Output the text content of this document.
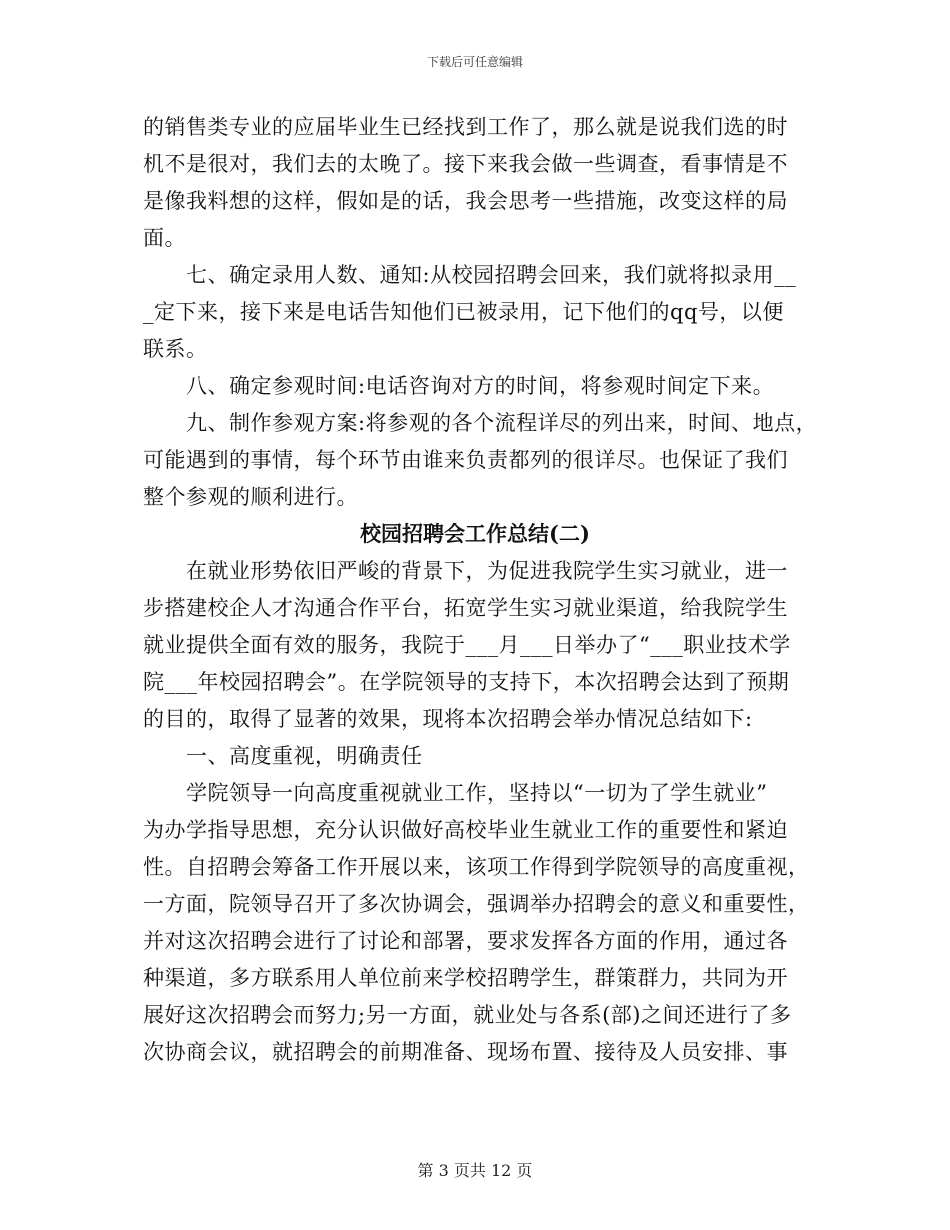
下载后可任意编辑
的销售类专业的应届毕业生已经找到工作了，那么就是说我们选的时
机不是很对，我们去的太晚了。接下来我会做一些调查，看事情是不
是像我料想的这样，假如是的话，我会思考一些措施，改变这样的局
面。
　　七、确定录用人数、通知:从校园招聘会回来，我们就将拟录用__
_定下来，接下来是电话告知他们已被录用，记下他们的qq号，以便
联系。
　　八、确定参观时间:电话咨询对方的时间，将参观时间定下来。
　　九、制作参观方案:将参观的各个流程详尽的列出来，时间、地点，
可能遇到的事情，每个环节由谁来负责都列的很详尽。也保证了我们
整个参观的顺利进行。
校园招聘会工作总结(二)
　　在就业形势依旧严峻的背景下，为促进我院学生实习就业，进一
步搭建校企人才沟通合作平台，拓宽学生实习就业渠道，给我院学生
就业提供全面有效的服务，我院于___月___日举办了“___职业技术学
院___年校园招聘会”。在学院领导的支持下，本次招聘会达到了预期
的目的，取得了显著的效果，现将本次招聘会举办情况总结如下:
　　一、高度重视，明确责任
　　学院领导一向高度重视就业工作，坚持以“一切为了学生就业”
为办学指导思想，充分认识做好高校毕业生就业工作的重要性和紧迫
性。自招聘会筹备工作开展以来，该项工作得到学院领导的高度重视，
一方面，院领导召开了多次协调会，强调举办招聘会的意义和重要性，
并对这次招聘会进行了讨论和部署，要求发挥各方面的作用，通过各
种渠道，多方联系用人单位前来学校招聘学生，群策群力，共同为开
展好这次招聘会而努力;另一方面，就业处与各系(部)之间还进行了多
次协商会议，就招聘会的前期准备、现场布置、接待及人员安排、事
第 3 页共 12 页
